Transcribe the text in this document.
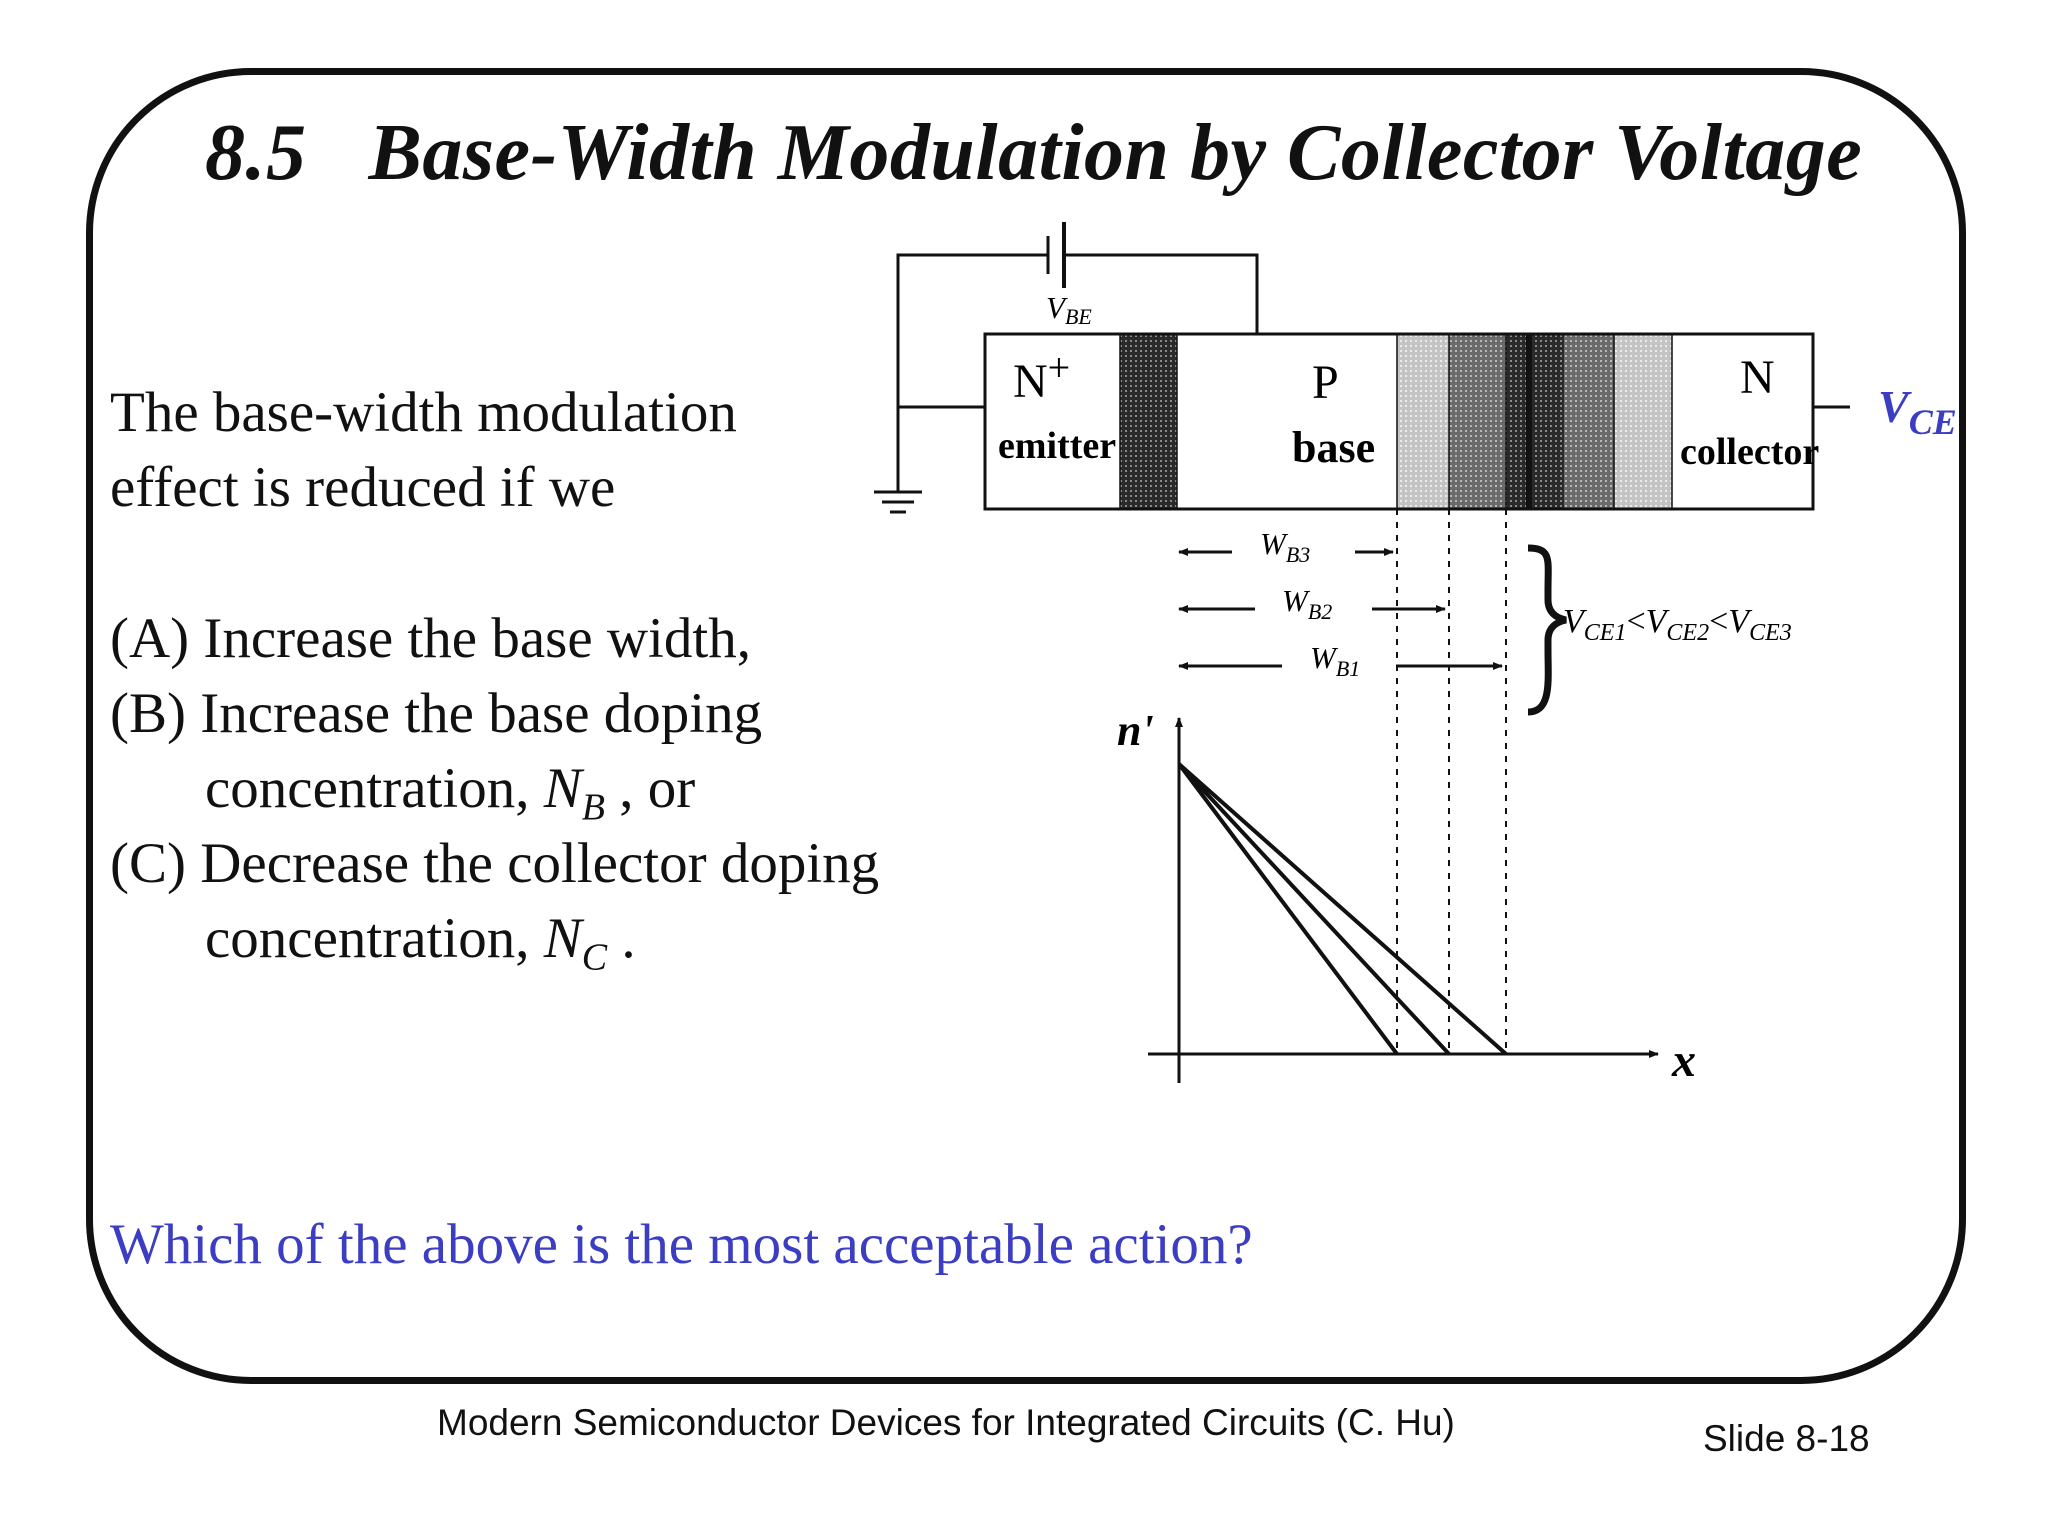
8.5 Base-Width Modulation by Collector Voltage
The base-width modulation
effect is reduced if we
(A) Increase the base width,
(B) Increase the base doping
concentration, $N_B$ , or
(C) Decrease the collector doping
concentration, $N_C$ .
VBE
N+
emitter
P
base
N
collector
$V_{CE}$
$W_{B3}$
$W_{B2}$
$W_{B1}$
$V_{CE1}<V_{CE2}<V_{CE3}$
n'
x
Which of the above is the most acceptable action?
Modern Semiconductor Devices for Integrated Circuits (C. Hu)	Slide 8-18
